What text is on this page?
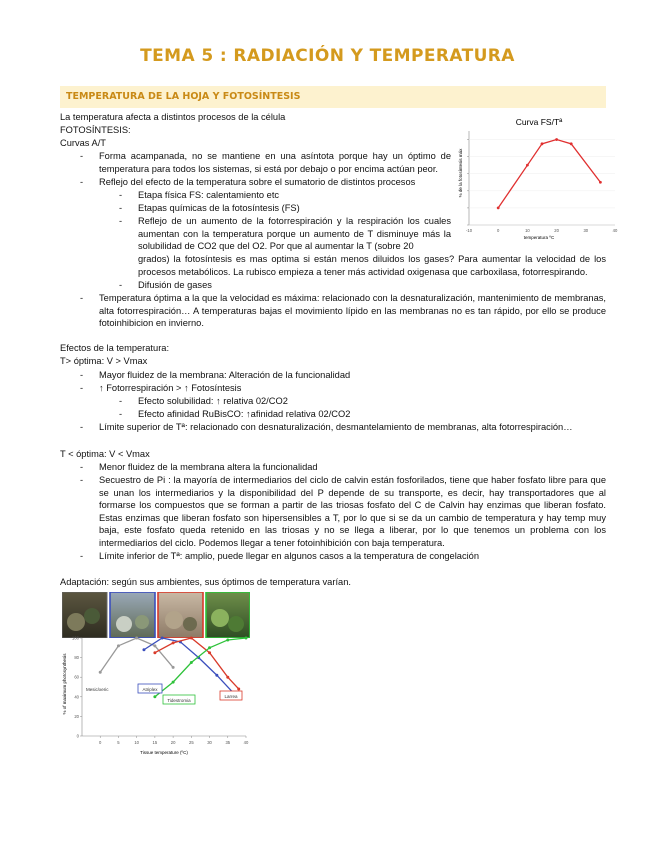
TEMA 5 : RADIACIÓN Y TEMPERATURA
TEMPERATURA DE LA HOJA Y FOTOSÍNTESIS
La temperatura afecta a distintos procesos de la célula
FOTOSÍNTESIS:
Curvas A/T
- Forma acampanada, no se mantiene en una asíntota porque hay un óptimo de temperatura para todos los sistemas, si está por debajo o por encima actúan peor.
- Reflejo del efecto de la temperatura sobre el sumatorio de distintos procesos
- Etapa física FS: calentamiento etc
- Etapas químicas de la fotosíntesis (FS)
- Reflejo de un aumento de la fotorrespiración y la respiración los cuales aumentan con la temperatura porque un aumento de T disminuye más la solubilidad de CO2 que del O2. Por que al aumentar la T (sobre 20
grados) la fotosíntesis es mas optima si están menos diluidos los gases? Para aumentar la velocidad de los procesos metabólicos. La rubisco empieza a tener más actividad oxigenasa que carboxilasa, fotorrespirando.
- Difusión de gases
- Temperatura óptima a la que la velocidad es máxima: relacionado con la desnaturalización, mantenimiento de membranas, alta fotorrespiración… A temperaturas bajas el movimiento lípido en las membranas no es tan rápido, por ello se produce fotoinhibicion en invierno.
Efectos de la temperatura:
T> óptima: V > Vmax
- Mayor fluidez de la membrana: Alteración de la funcionalidad
- ↑ Fotorrespiración > ↑ Fotosíntesis
- Efecto solubilidad: ↑ relativa 02/CO2
- Efecto afinidad RuBisCO: ↑afinidad relativa 02/CO2
- Límite superior de Tª: relacionado con desnaturalización, desmantelamiento de membranas, alta fotorrespiración…
T < óptima: V < Vmax
- Menor fluidez de la membrana altera la funcionalidad
- Secuestro de Pi : la mayoría de intermediarios del ciclo de calvin están fosforilados, tiene que haber fosfato libre para que se unan los intermediarios y la disponibilidad del P depende de su transporte, es decir, hay transportadores que al formarse los compuestos que se forman a partir de las triosas fosfato del C de Calvin hay enzimas que liberan fosfato. Estas enzimas que liberan fosfato son hipersensibles a T, por lo que si se da un cambio de temperatura y hay temp muy baja, este fosfato queda retenido en las triosas y no se llega a liberar, por lo que tenemos un problema con los intermediarios del ciclo. Podemos llegar a tener fotoinhibición con baja temperatura.
- Límite inferior de Tª: amplio, puede llegar en algunos casos a la temperatura de congelación
Adaptación: según sus ambientes, sus óptimos de temperatura varían.
Curva FS/Tª
% de la fotosíntesis máx
-10	0	10	20	30	40
temperatura ºC
% of maximum photosynthesis
100
80
60
40
20
0
0	5	10	15	20	25	30	35	40
Mesic/xeric	Atriplex
Tidestromia
Larrea
Tissue temperature (ºC)
